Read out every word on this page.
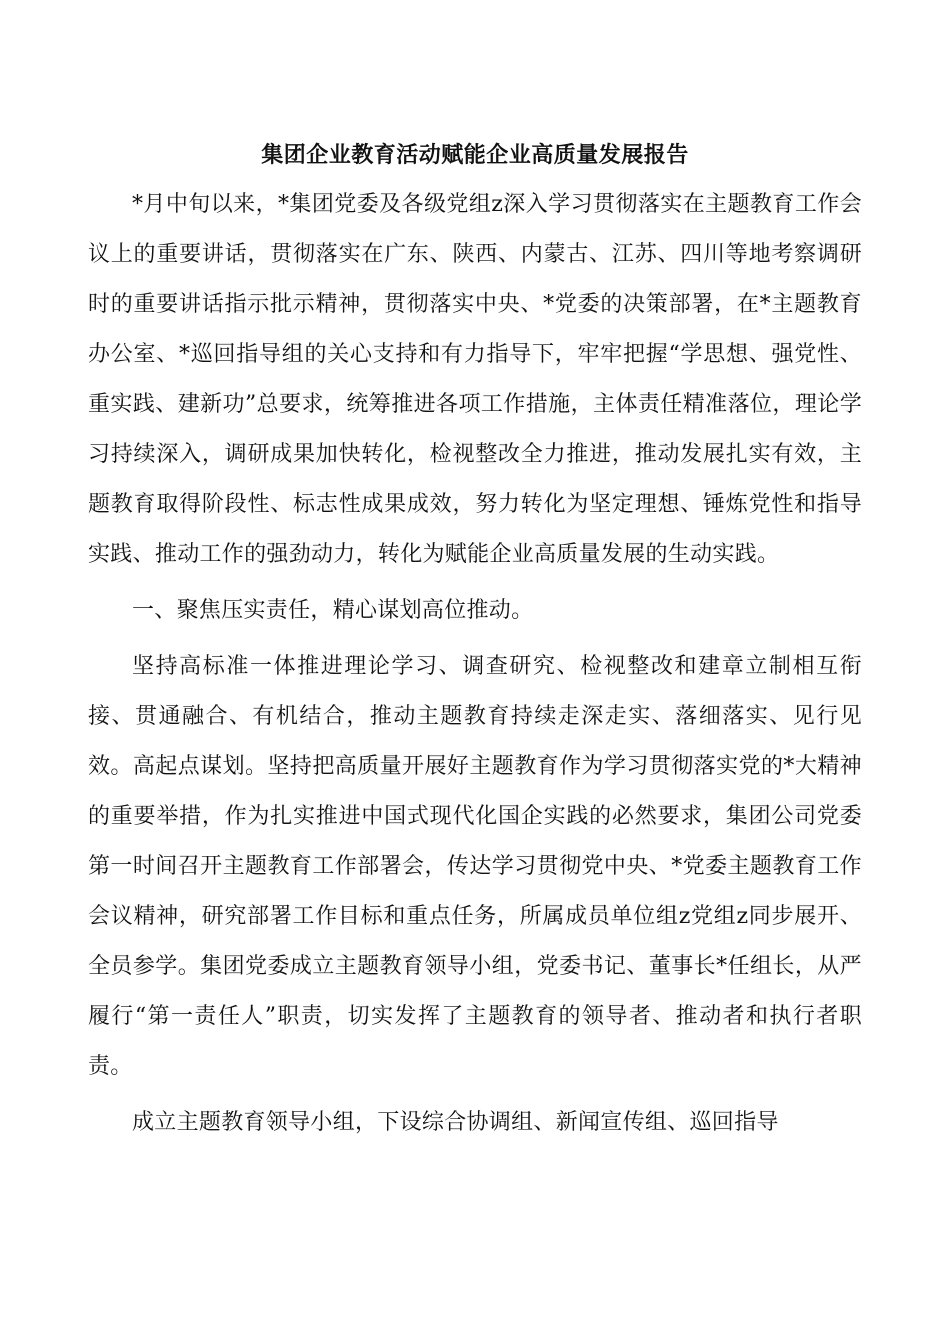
集团企业教育活动赋能企业高质量发展报告

*月中旬以来，*集团党委及各级党组z深入学习贯彻落实在主题教育工作会议上的重要讲话，贯彻落实在广东、陕西、内蒙古、江苏、四川等地考察调研时的重要讲话指示批示精神，贯彻落实中央、*党委的决策部署，在*主题教育办公室、*巡回指导组的关心支持和有力指导下，牢牢把握“学思想、强党性、重实践、建新功”总要求，统筹推进各项工作措施，主体责任精准落位，理论学习持续深入，调研成果加快转化，检视整改全力推进，推动发展扎实有效，主题教育取得阶段性、标志性成果成效，努力转化为坚定理想、锤炼党性和指导实践、推动工作的强劲动力，转化为赋能企业高质量发展的生动实践。

一、聚焦压实责任，精心谋划高位推动。

坚持高标准一体推进理论学习、调查研究、检视整改和建章立制相互衔接、贯通融合、有机结合，推动主题教育持续走深走实、落细落实、见行见效。高起点谋划。坚持把高质量开展好主题教育作为学习贯彻落实党的*大精神的重要举措，作为扎实推进中国式现代化国企实践的必然要求，集团公司党委第一时间召开主题教育工作部署会，传达学习贯彻党中央、*党委主题教育工作会议精神，研究部署工作目标和重点任务，所属成员单位组z党组z同步展开、全员参学。集团党委成立主题教育领导小组，党委书记、董事长*任组长，从严履行“第一责任人”职责，切实发挥了主题教育的领导者、推动者和执行者职责。

成立主题教育领导小组，下设综合协调组、新闻宣传组、巡回指导
